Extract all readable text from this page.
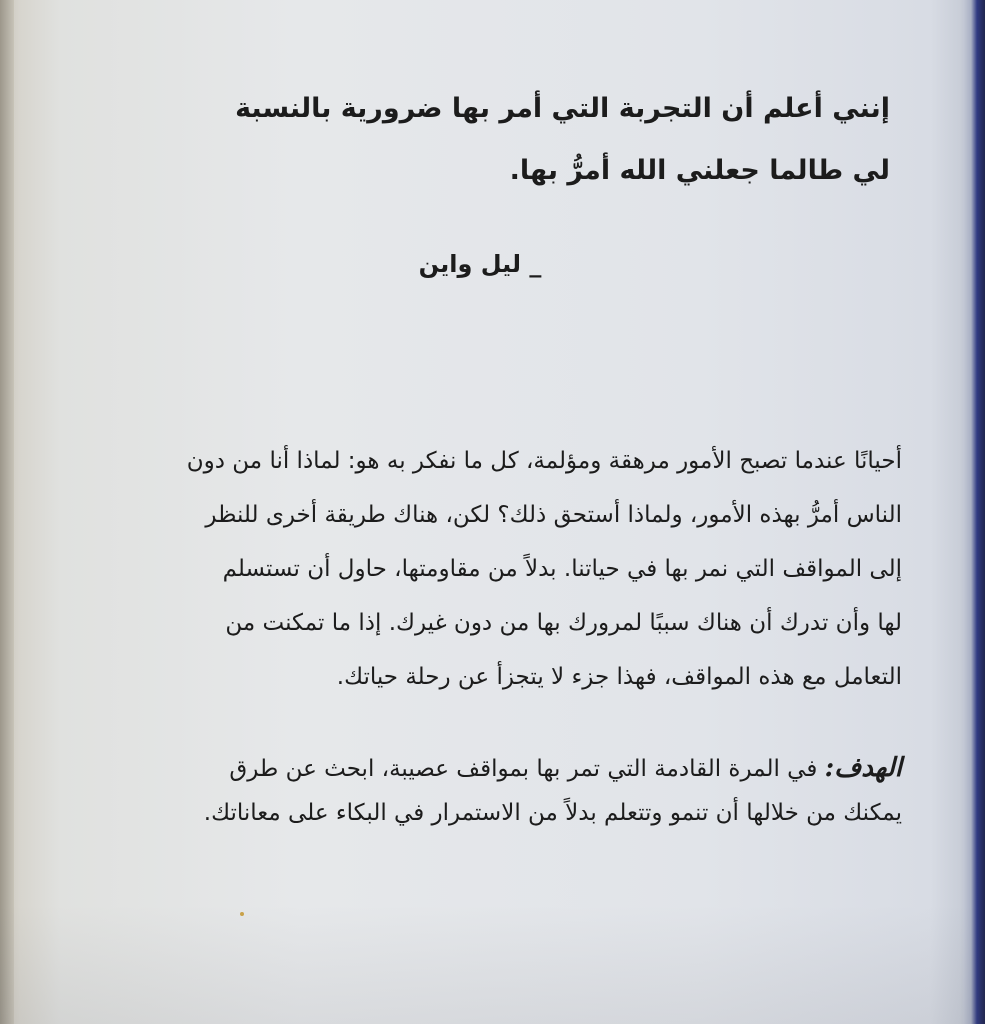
إنني أعلم أن التجربة التي أمر بها ضرورية بالنسبة
لي طالما جعلني الله أمرُّ بها.
_ ليل واين
أحيانًا عندما تصبح الأمور مرهقة ومؤلمة، كل ما نفكر به هو: لماذا أنا من دون
الناس أمرُّ بهذه الأمور، ولماذا أستحق ذلك؟ لكن، هناك طريقة أخرى للنظر
إلى المواقف التي نمر بها في حياتنا. بدلاً من مقاومتها، حاول أن تستسلم
لها وأن تدرك أن هناك سببًا لمرورك بها من دون غيرك. إذا ما تمكنت من
التعامل مع هذه المواقف، فهذا جزء لا يتجزأ عن رحلة حياتك.
الهدف: في المرة القادمة التي تمر بها بمواقف عصيبة، ابحث عن طرق
يمكنك من خلالها أن تنمو وتتعلم بدلاً من الاستمرار في البكاء على معاناتك.
